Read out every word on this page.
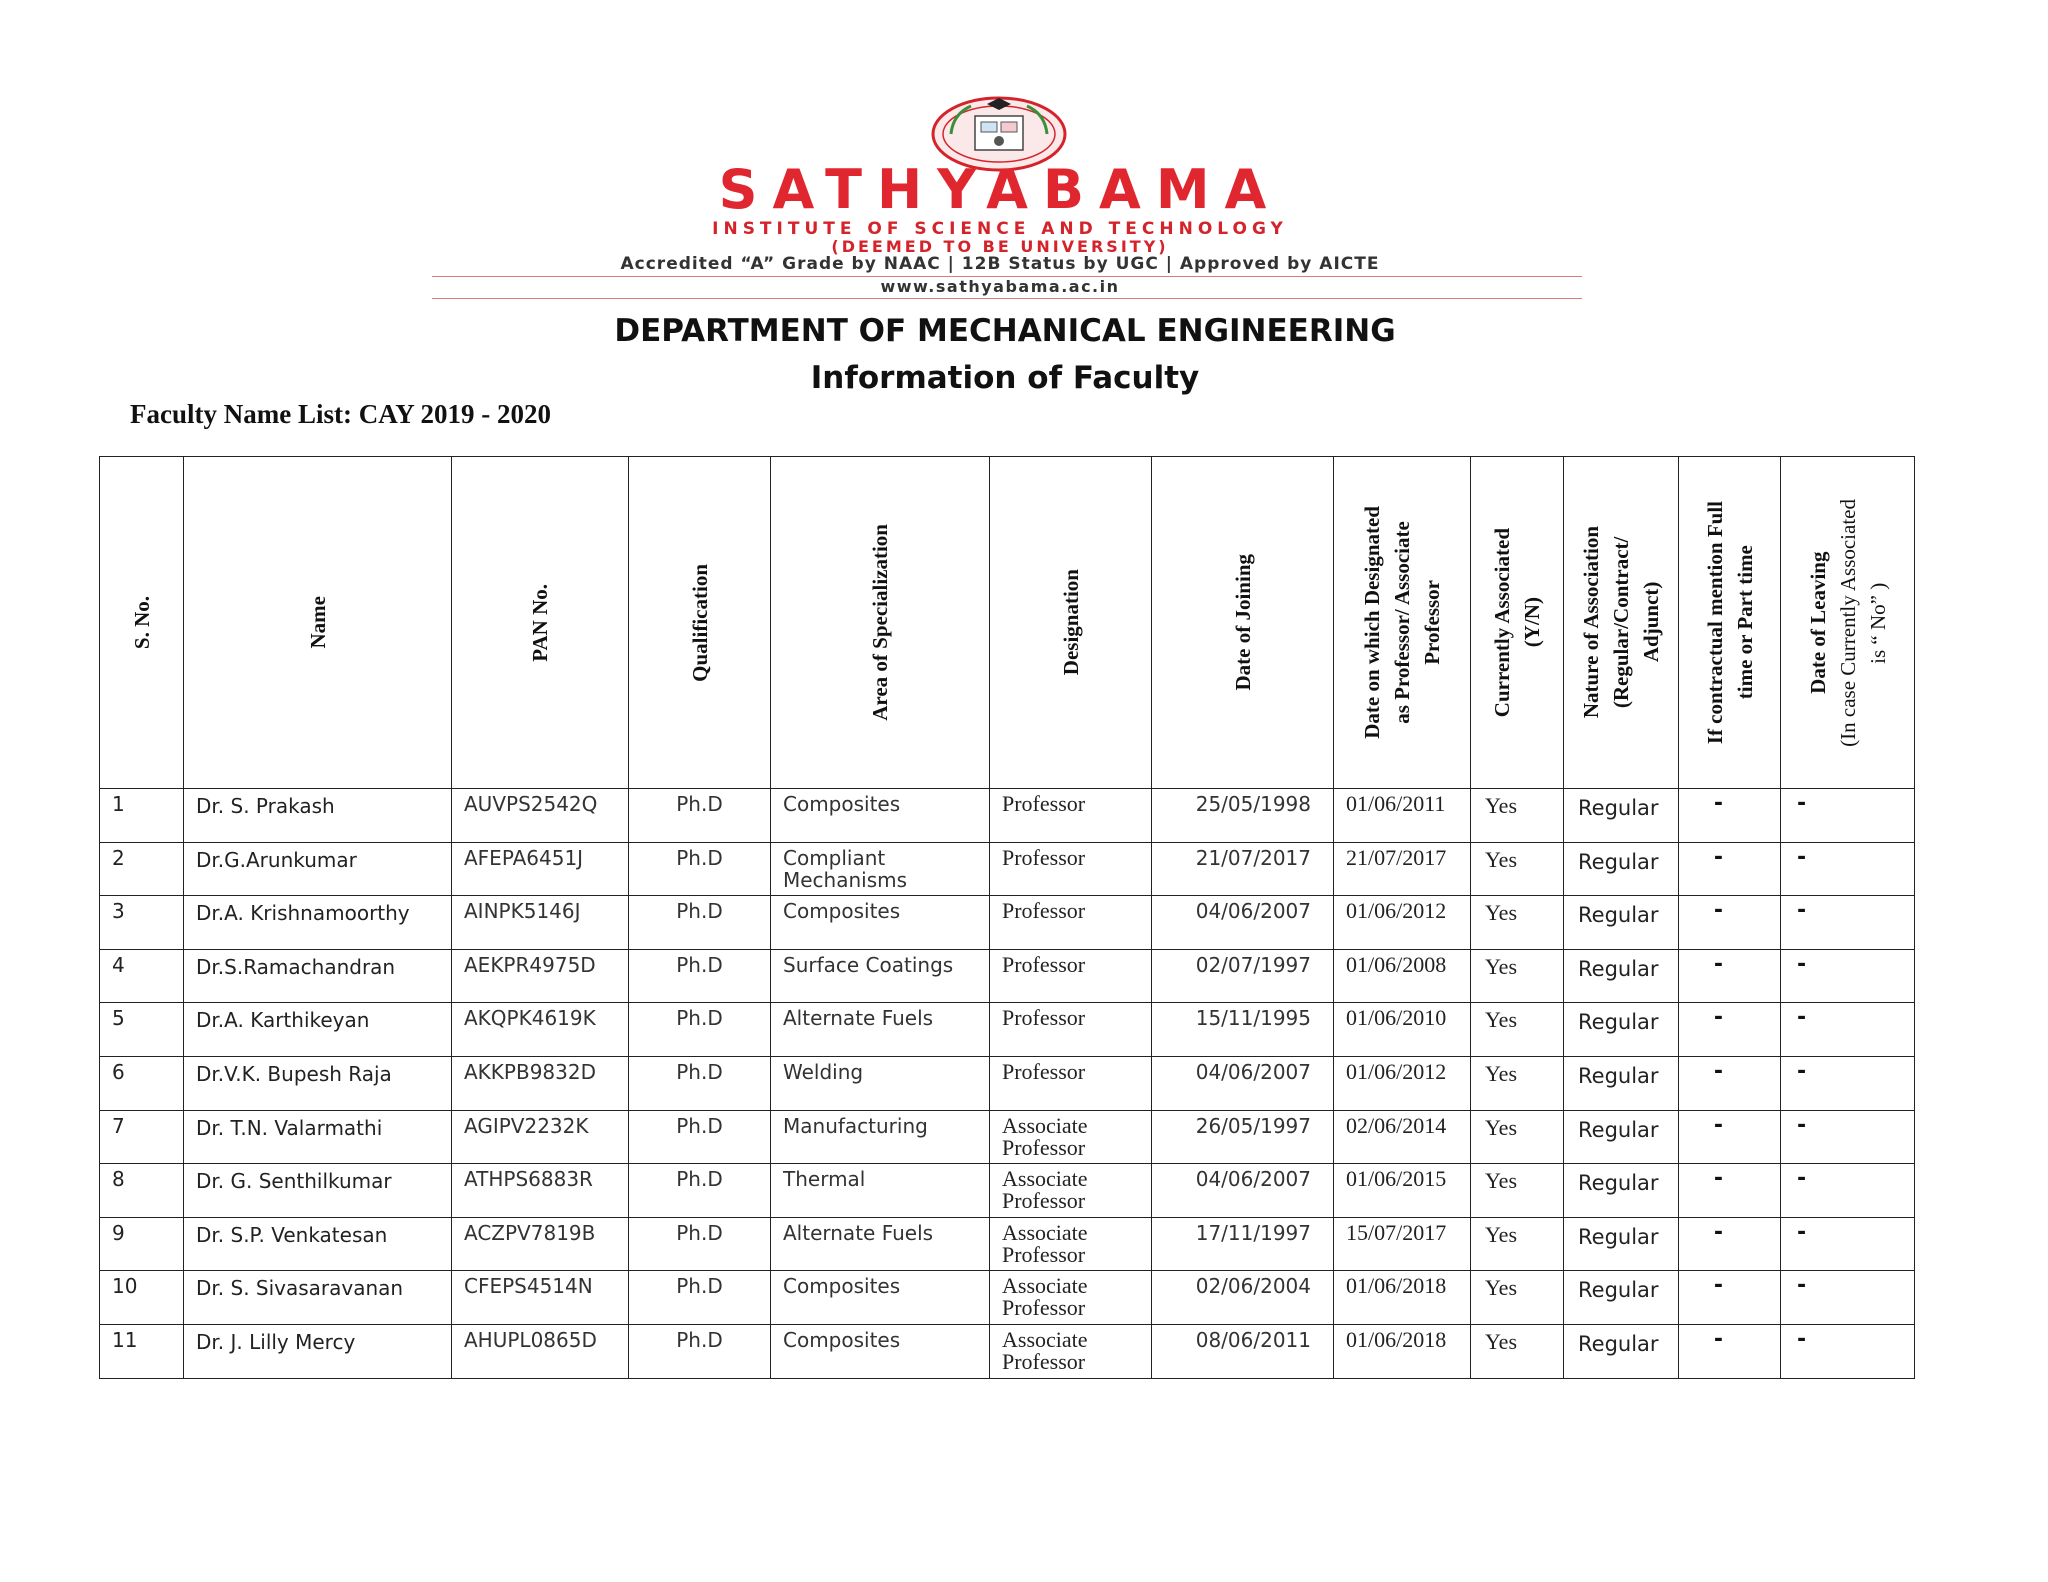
SATHYABAMA
INSTITUTE OF SCIENCE AND TECHNOLOGY
(DEEMED TO BE UNIVERSITY)
Accredited “A” Grade by NAAC | 12B Status by UGC | Approved by AICTE
www.sathyabama.ac.in
DEPARTMENT OF MECHANICAL ENGINEERING
Information of Faculty
Faculty Name List: CAY 2019 - 2020
S. No.	Name	PAN No.	Qualification	Area of Specialization	Designation	Date of Joining	Date on which Designated as Professor/ Associate Professor	Currently Associated (Y/N)	Nature of Association (Regular/Contract/ Adjunct)	If contractual mention Full time or Part time	Date of Leaving (In case Currently Associated is “ No” )

1	Dr. S. Prakash	AUVPS2542Q	Ph.D	Composites	Professor	25/05/1998	01/06/2011	Yes	Regular	-	-
2	Dr.G.Arunkumar	AFEPA6451J	Ph.D	Compliant Mechanisms	Professor	21/07/2017	21/07/2017	Yes	Regular	-	-
3	Dr.A. Krishnamoorthy	AINPK5146J	Ph.D	Composites	Professor	04/06/2007	01/06/2012	Yes	Regular	-	-
4	Dr.S.Ramachandran	AEKPR4975D	Ph.D	Surface Coatings	Professor	02/07/1997	01/06/2008	Yes	Regular	-	-
5	Dr.A. Karthikeyan	AKQPK4619K	Ph.D	Alternate Fuels	Professor	15/11/1995	01/06/2010	Yes	Regular	-	-
6	Dr.V.K. Bupesh Raja	AKKPB9832D	Ph.D	Welding	Professor	04/06/2007	01/06/2012	Yes	Regular	-	-
7	Dr. T.N. Valarmathi	AGIPV2232K	Ph.D	Manufacturing	Associate Professor	26/05/1997	02/06/2014	Yes	Regular	-	-
8	Dr. G. Senthilkumar	ATHPS6883R	Ph.D	Thermal	Associate Professor	04/06/2007	01/06/2015	Yes	Regular	-	-
9	Dr. S.P. Venkatesan	ACZPV7819B	Ph.D	Alternate Fuels	Associate Professor	17/11/1997	15/07/2017	Yes	Regular	-	-
10	Dr. S. Sivasaravanan	CFEPS4514N	Ph.D	Composites	Associate Professor	02/06/2004	01/06/2018	Yes	Regular	-	-
11	Dr. J. Lilly Mercy	AHUPL0865D	Ph.D	Composites	Associate Professor	08/06/2011	01/06/2018	Yes	Regular	-	-
